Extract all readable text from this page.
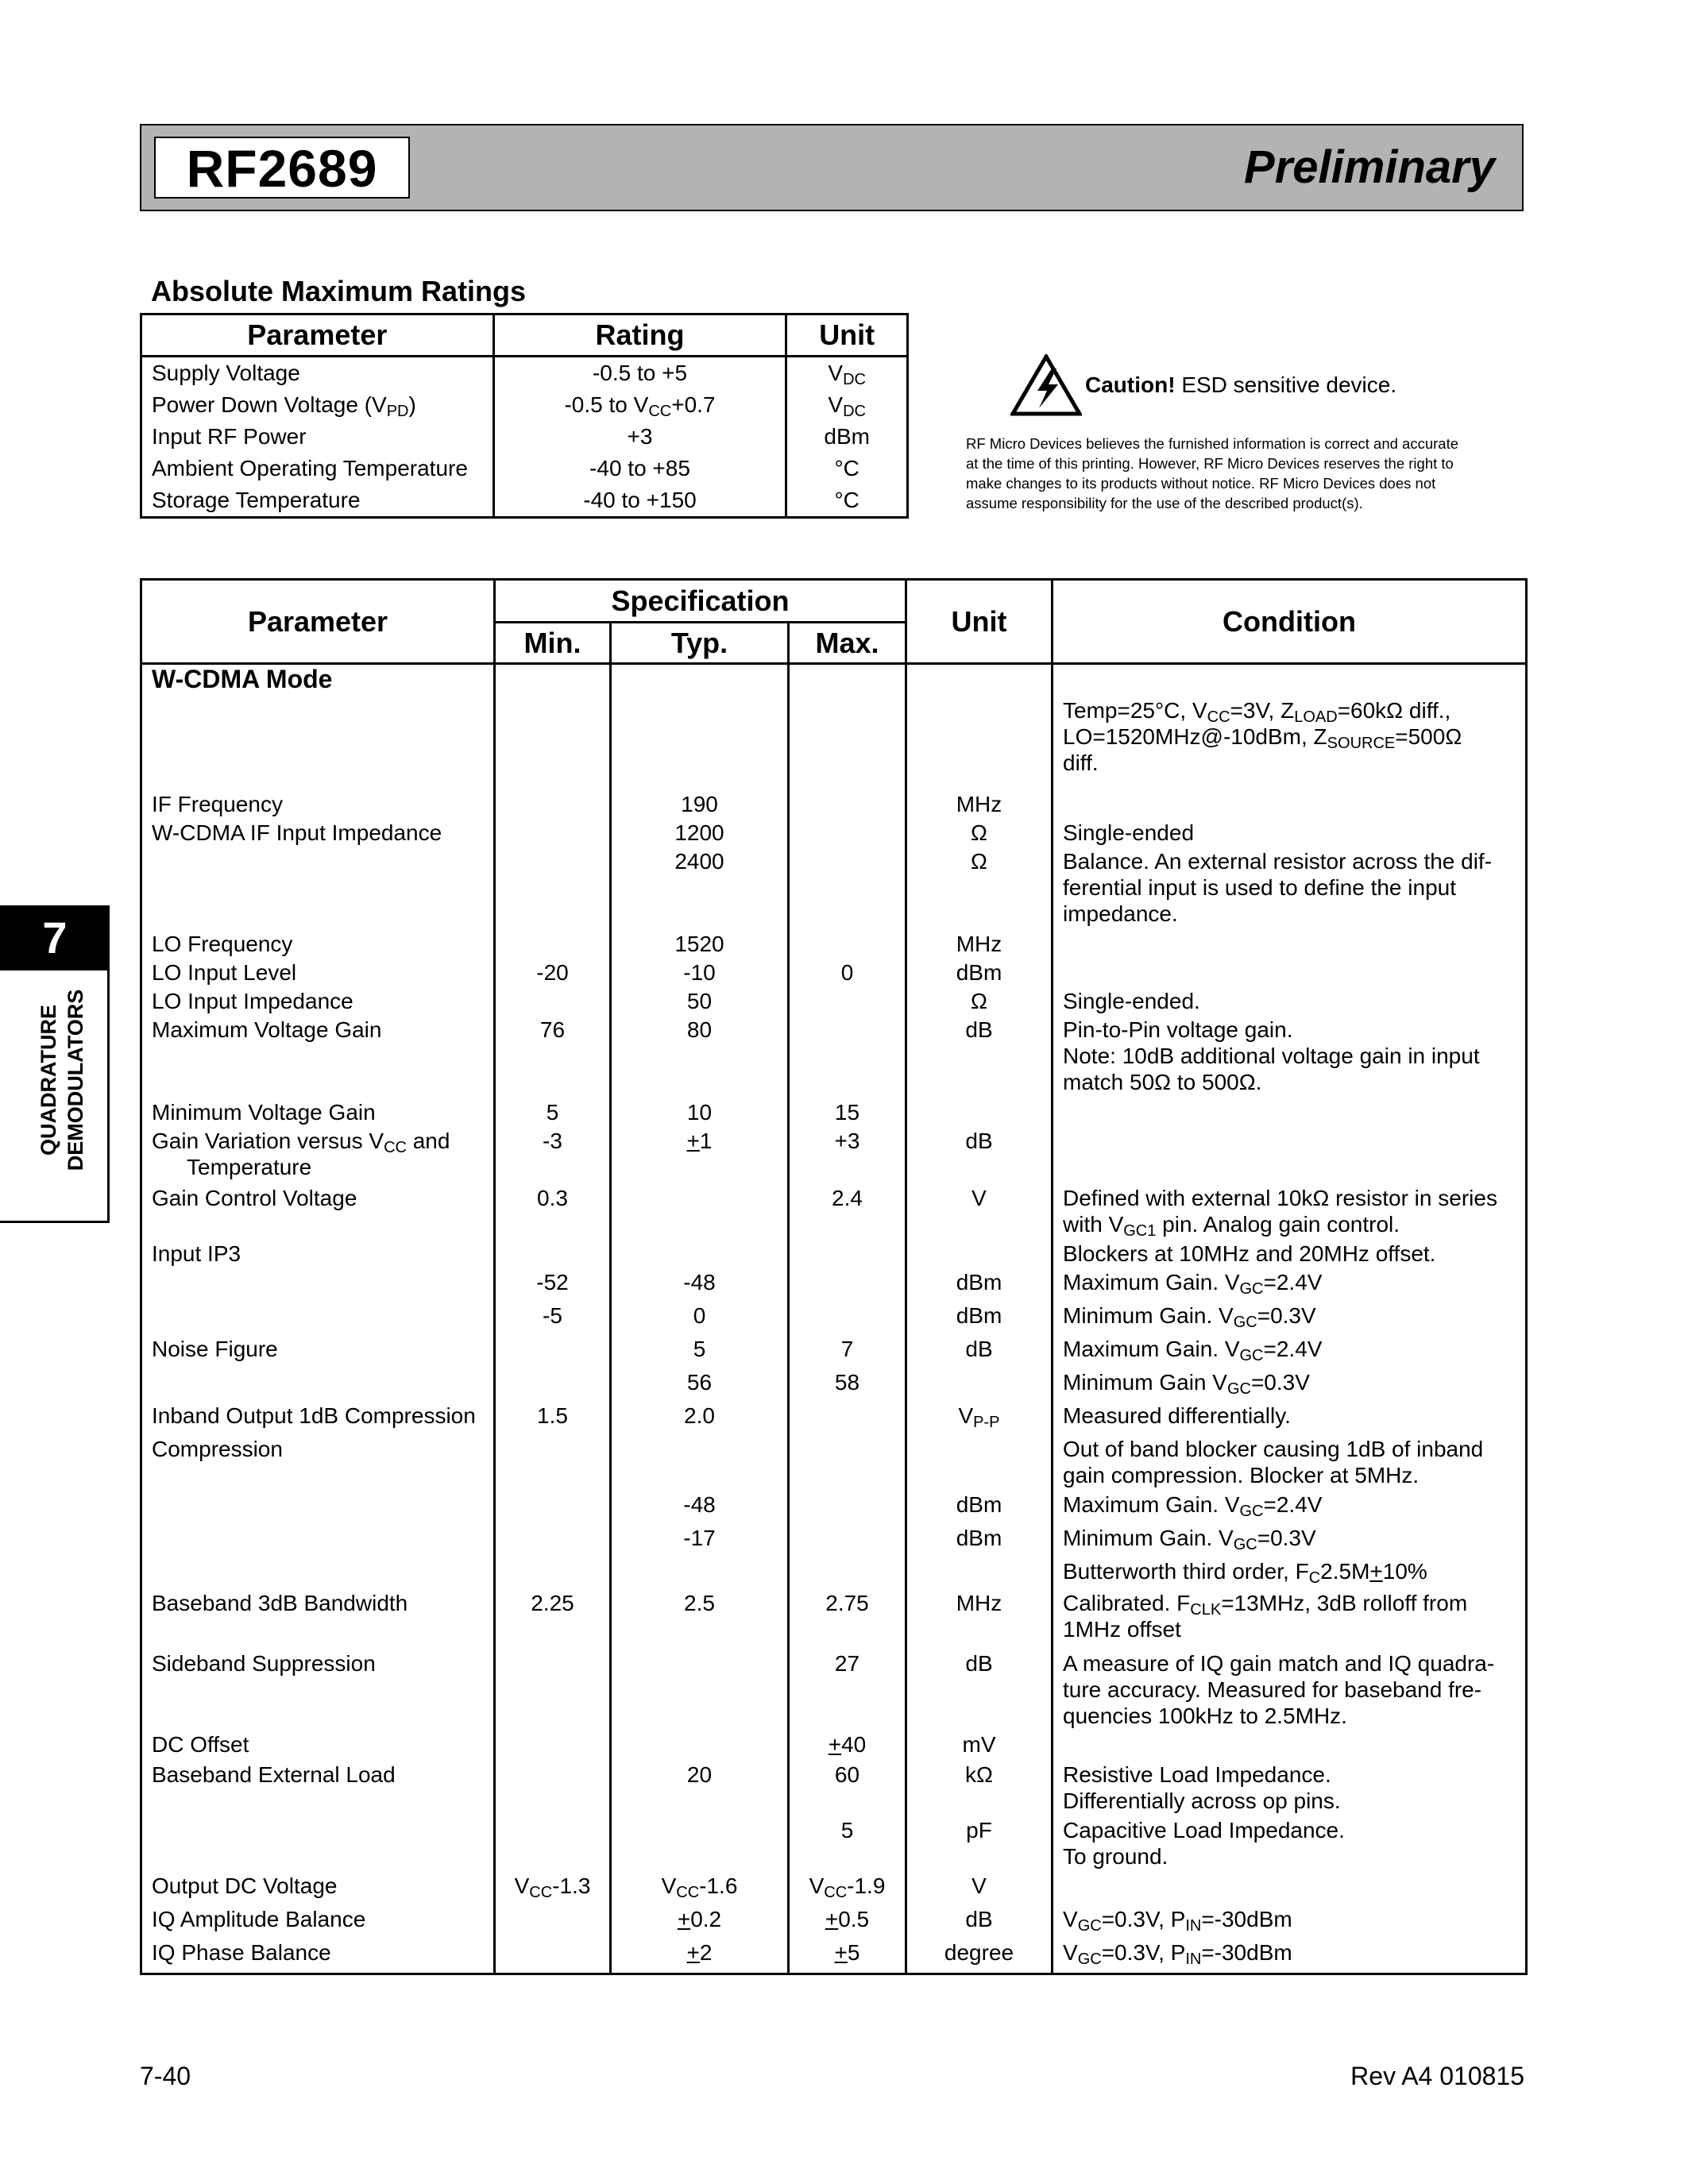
RF2689	Preliminary
Absolute Maximum Ratings
Parameter	Rating	Unit
Supply Voltage	-0.5 to +5	$V_{DC}$
Power Down Voltage $(V_{PD})$	-0.5 to $V_{CC}+0.7$	$V_{DC}$
Input RF Power	+3	dBm
Ambient Operating Temperature	-40 to +85	°C
Storage Temperature	-40 to +150	°C
Caution! ESD sensitive device.
RF Micro Devices believes the furnished information is correct and accurate
at the time of this printing. However, RF Micro Devices reserves the right to
make changes to its products without notice. RF Micro Devices does not
assume responsibility for the use of the described product(s).
Parameter	Specification			Unit	Condition
	Min.	Typ.	Max.		
W-CDMA Mode					
					Temp=25°C, $V_{CC}=3V$, $Z_{LOAD}=60k\Omega$ diff.,
LO=1520MHz@-10dBm, $Z_{SOURCE}=500\Omega$
diff.
IF Frequency		190		MHz	
W-CDMA IF Input Impedance		1200		Ω	Single-ended
		2400		Ω	Balance. An external resistor across the dif-
ferential input is used to define the input
impedance.

LO Frequency		1520		MHz	
LO Input Level	-20	-10	0	dBm	
LO Input Impedance		50		Ω	Single-ended.
Maximum Voltage Gain	76	80		dB	Pin-to-Pin voltage gain.
Note: 10dB additional voltage gain in input
match 50Ω to 500Ω.

Minimum Voltage Gain	5	10	15		
Gain Variation versus $V_{CC}$ and
Temperature	-3	+1	+3	dB	
Gain Control Voltage	0.3		2.4	V	Defined with external 10kΩ resistor in series
with $V_{GC1}$ pin. Analog gain control.
Input IP3					Blockers at 10MHz and 20MHz offset.
	-52	-48		dBm	Maximum Gain. $V_{GC}=2.4V$
	-5	0		dBm	Minimum Gain. $V_{GC}=0.3V$
Noise Figure		5	7	dB	Maximum Gain. $V_{GC}=2.4V$
		56	58		Minimum Gain $V_{GC}=0.3V$
Inband Output 1dB Compression	1.5	2.0		$V_{P-P}$	Measured differentially.
Compression					Out of band blocker causing 1dB of inband
gain compression. Blocker at 5MHz.

		-48		dBm	Maximum Gain. $V_{GC}=2.4V$
		-17		dBm	Minimum Gain. $V_{GC}=0.3V$
					Butterworth third order, $F_C2.5M+10\%$
Baseband 3dB Bandwidth	2.25	2.5	2.75	MHz	Calibrated. $F_{CLK}=13MHz$, 3dB rolloff from
1MHz offset
Sideband Suppression			27	dB	A measure of IQ gain match and IQ quadra-
ture accuracy. Measured for baseband fre-
quencies 100kHz to 2.5MHz.

DC Offset			+40	mV	
Baseband External Load		20	60	kΩ	Resistive Load Impedance.
Differentially across op pins.

			5	pF	Capacitive Load Impedance.
To ground.

Output DC Voltage	$V_{CC}-1.3$	$V_{CC}-1.6$	$V_{CC}-1.9$	V	
IQ Amplitude Balance		+0.2	+0.5	dB	$V_{GC}=0.3V$, $P_{IN}=-30dBm$
IQ Phase Balance		+2	+5	degree	$V_{GC}=0.3V$, $P_{IN}=-30dBm$
7
QUADRATURE DEMODULATORS
7-40	Rev A4 010815
